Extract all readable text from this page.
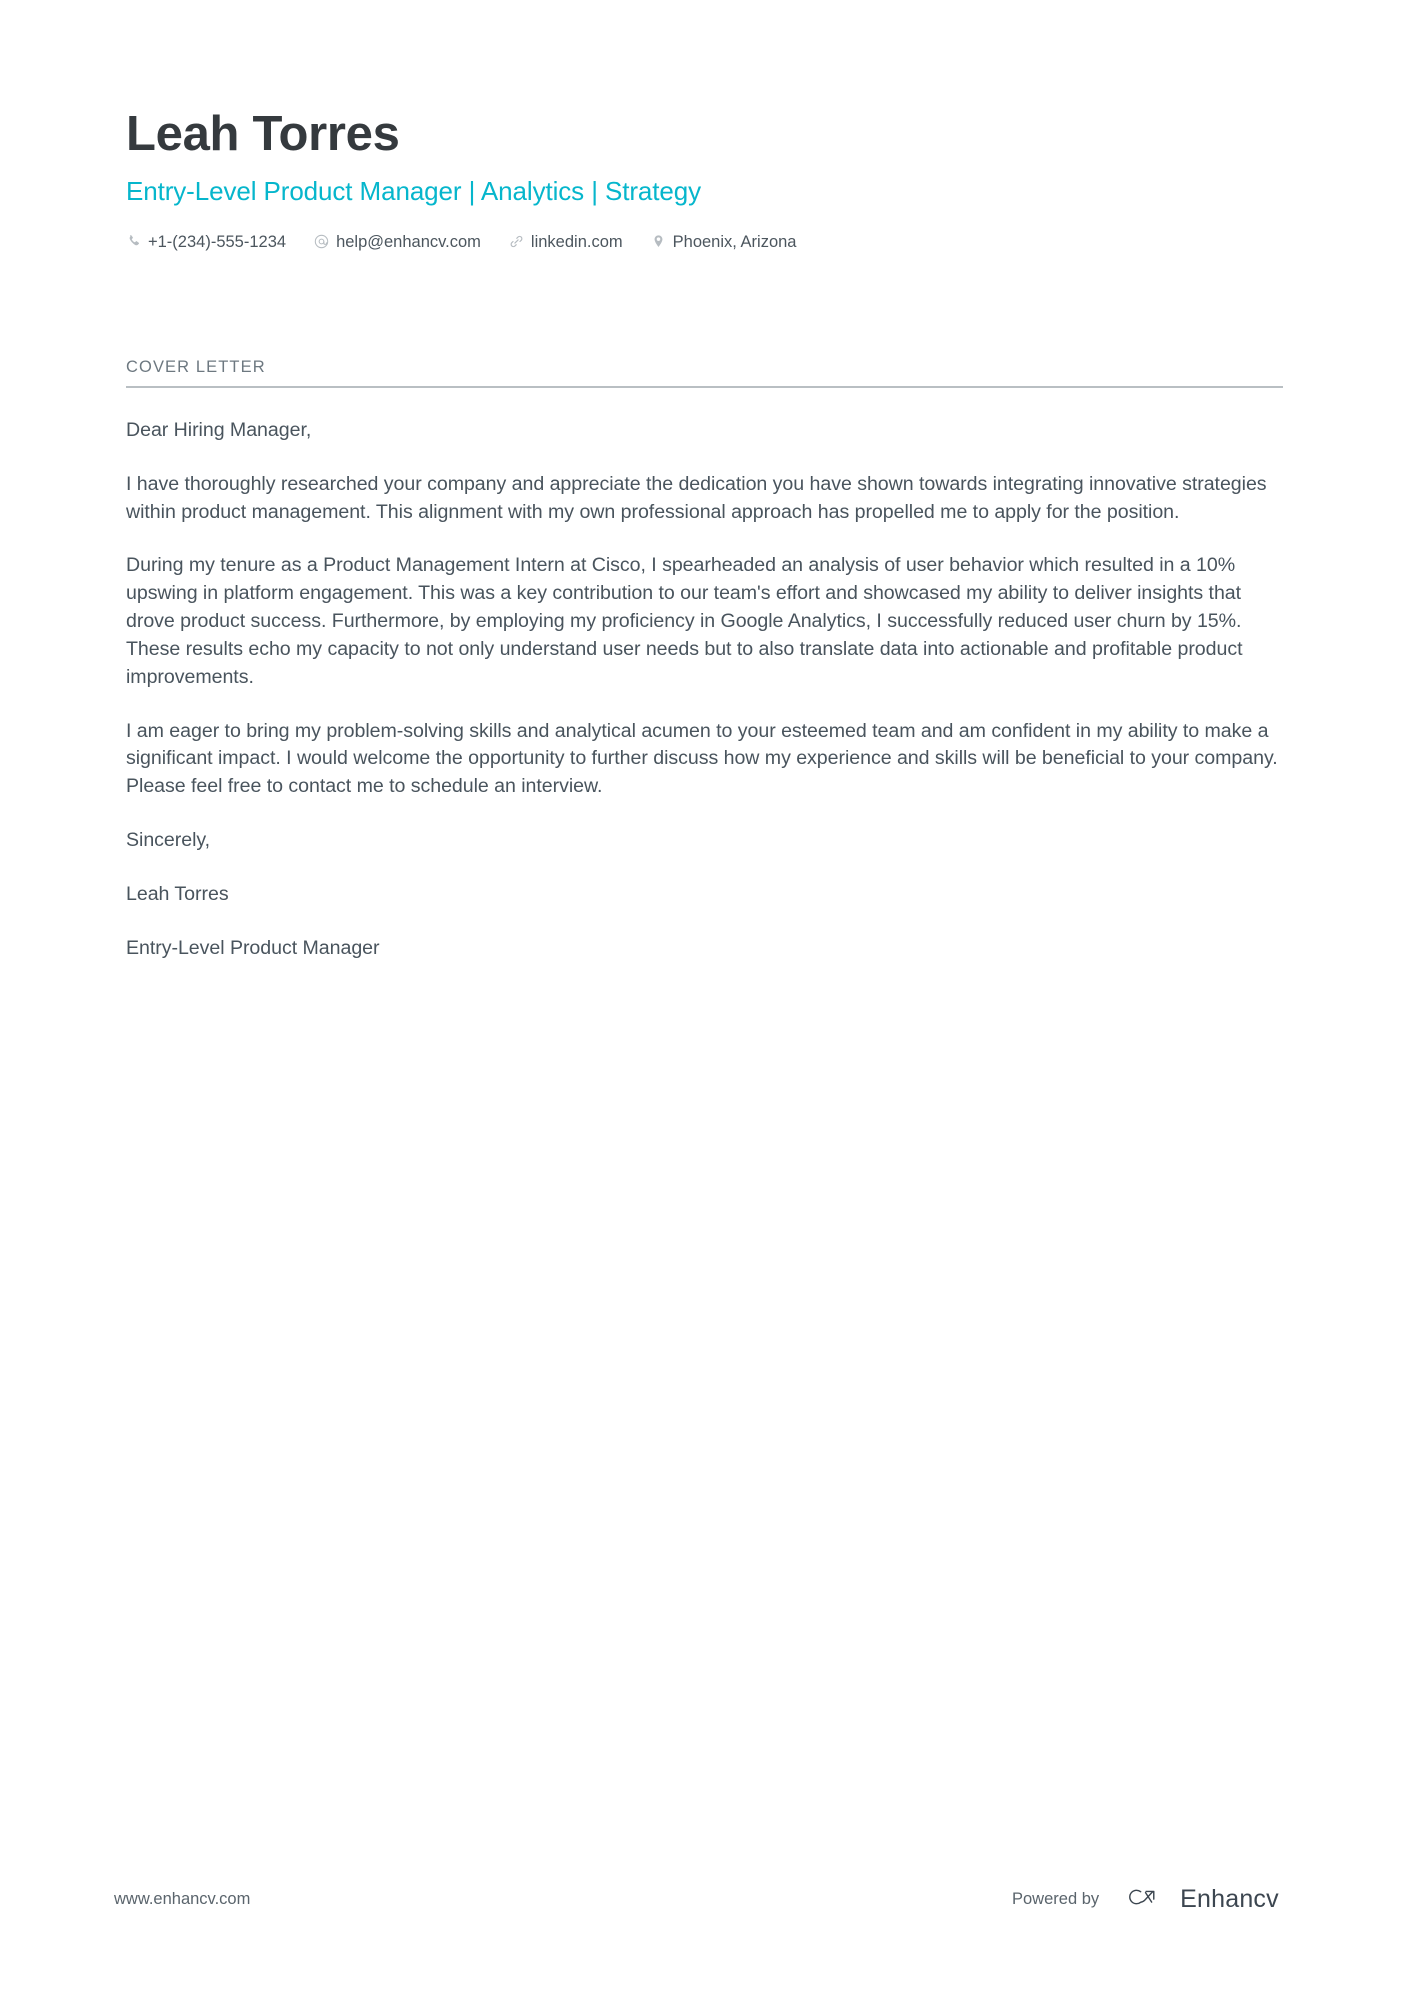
Leah Torres
Entry-Level Product Manager | Analytics | Strategy
+1-(234)-555-1234	help@enhancv.com	linkedin.com	Phoenix, Arizona
COVER LETTER

Dear Hiring Manager,

I have thoroughly researched your company and appreciate the dedication you have shown towards integrating innovative strategies within product management. This alignment with my own professional approach has propelled me to apply for the position.

During my tenure as a Product Management Intern at Cisco, I spearheaded an analysis of user behavior which resulted in a 10% upswing in platform engagement. This was a key contribution to our team's effort and showcased my ability to deliver insights that drove product success. Furthermore, by employing my proficiency in Google Analytics, I successfully reduced user churn by 15%. These results echo my capacity to not only understand user needs but to also translate data into actionable and profitable product improvements.

I am eager to bring my problem-solving skills and analytical acumen to your esteemed team and am confident in my ability to make a significant impact. I would welcome the opportunity to further discuss how my experience and skills will be beneficial to your company. Please feel free to contact me to schedule an interview.

Sincerely,

Leah Torres

Entry-Level Product Manager

www.enhancv.com	Powered by	Enhancv
